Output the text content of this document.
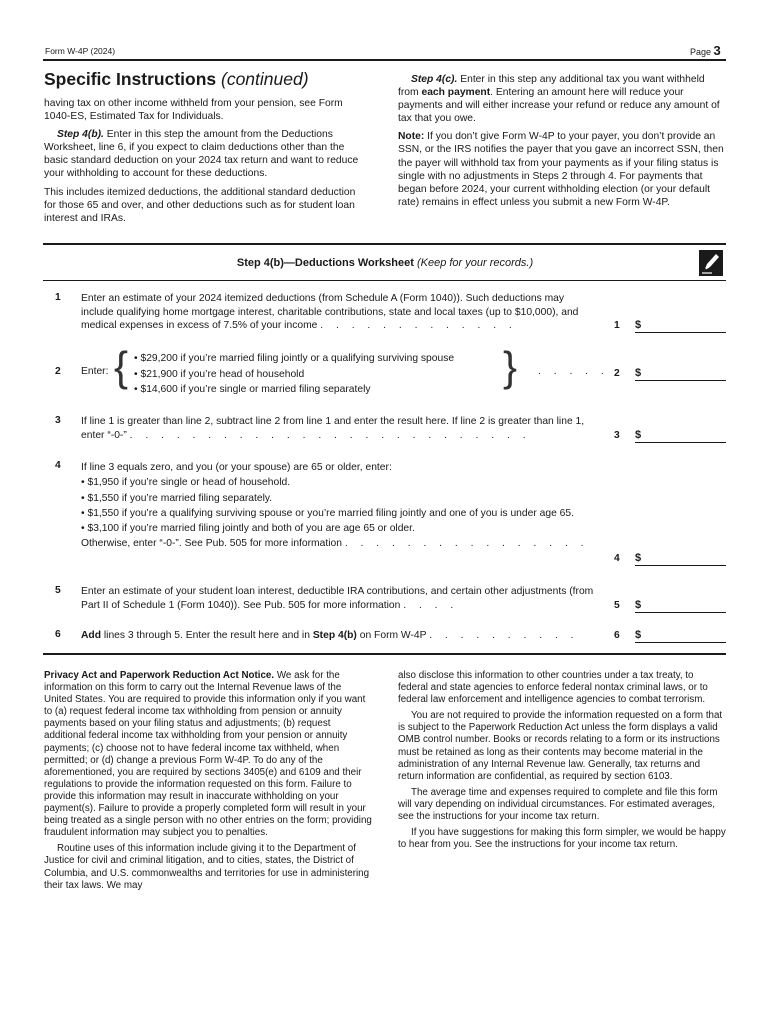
Form W-4P (2024)	Page 3
Specific Instructions (continued)

having tax on other income withheld from your pension, see Form 1040-ES, Estimated Tax for Individuals.

Step 4(b). Enter in this step the amount from the Deductions Worksheet, line 6, if you expect to claim deductions other than the basic standard deduction on your 2024 tax return and want to reduce your withholding to account for these deductions.

This includes itemized deductions, the additional standard deduction for those 65 and over, and other deductions such as for student loan interest and IRAs.

Step 4(c). Enter in this step any additional tax you want withheld from each payment. Entering an amount here will reduce your payments and will either increase your refund or reduce any amount of tax that you owe.

Note: If you don’t give Form W-4P to your payer, you don’t provide an SSN, or the IRS notifies the payer that you gave an incorrect SSN, then the payer will withhold tax from your payments as if your filing status is single with no adjustments in Steps 2 through 4. For payments that began before 2024, your current withholding election (or your default rate) remains in effect unless you submit a new Form W-4P.

Step 4(b)—Deductions Worksheet (Keep for your records.)
1 Enter an estimate of your 2024 itemized deductions (from Schedule A (Form 1040)). Such deductions may include qualifying home mortgage interest, charitable contributions, state and local taxes (up to $10,000), and medical expenses in excess of 7.5% of your income . . . . . . . . . . . . .	1 $
2 Enter: { • $29,200 if you’re married filing jointly or a qualifying surviving spouse
• $21,900 if you’re head of household
• $14,600 if you’re single or married filing separately	} . . . . . 2 $
3 If line 1 is greater than line 2, subtract line 2 from line 1 and enter the result here. If line 2 is greater than line 1, enter “-0-” . . . . . . . . . . . . . . . . . . . . . . . . . .	3 $
4 If line 3 equals zero, and you (or your spouse) are 65 or older, enter:
• $1,950 if you’re single or head of household.
• $1,550 if you’re married filing separately.
• $1,550 if you’re a qualifying surviving spouse or you’re married filing jointly and one of you is under age 65.
• $3,100 if you’re married filing jointly and both of you are age 65 or older.
Otherwise, enter “-0-”. See Pub. 505 for more information . . . . . . . . . . . . . . . .
4 $
5 Enter an estimate of your student loan interest, deductible IRA contributions, and certain other adjustments (from Part II of Schedule 1 (Form 1040)). See Pub. 505 for more information . . . .	5 $
6 Add lines 3 through 5. Enter the result here and in Step 4(b) on Form W-4P . . . . . . . . . .	6 $

Privacy Act and Paperwork Reduction Act Notice. We ask for the information on this form to carry out the Internal Revenue laws of the United States. You are required to provide this information only if you want to (a) request federal income tax withholding from pension or annuity payments based on your filing status and adjustments; (b) request additional federal income tax withholding from your pension or annuity payments; (c) choose not to have federal income tax withheld, when permitted; or (d) change a previous Form W-4P. To do any of the aforementioned, you are required by sections 3405(e) and 6109 and their regulations to provide the information requested on this form. Failure to provide this information may result in inaccurate withholding on your payment(s). Failure to provide a properly completed form will result in your being treated as a single person with no other entries on the form; providing fraudulent information may subject you to penalties.

Routine uses of this information include giving it to the Department of Justice for civil and criminal litigation, and to cities, states, the District of Columbia, and U.S. commonwealths and territories for use in administering their tax laws. We may

also disclose this information to other countries under a tax treaty, to federal and state agencies to enforce federal nontax criminal laws, or to federal law enforcement and intelligence agencies to combat terrorism.

You are not required to provide the information requested on a form that is subject to the Paperwork Reduction Act unless the form displays a valid OMB control number. Books or records relating to a form or its instructions must be retained as long as their contents may become material in the administration of any Internal Revenue law. Generally, tax returns and return information are confidential, as required by section 6103.

The average time and expenses required to complete and file this form will vary depending on individual circumstances. For estimated averages, see the instructions for your income tax return.

If you have suggestions for making this form simpler, we would be happy to hear from you. See the instructions for your income tax return.
